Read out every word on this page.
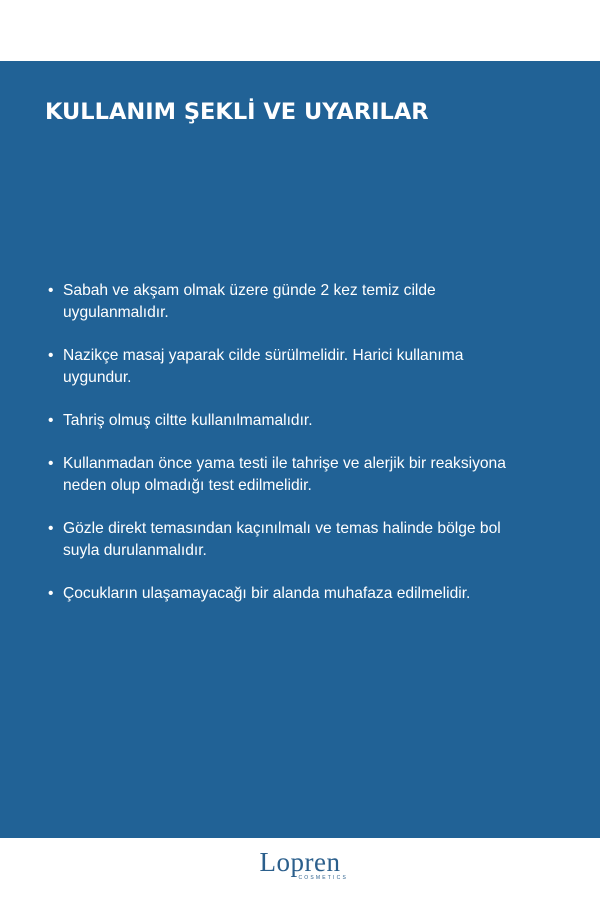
KULLANIM ŞEKLİ VE UYARILAR
• Sabah ve akşam olmak üzere günde 2 kez temiz cilde
uygulanmalıdır.
• Nazikçe masaj yaparak cilde sürülmelidir. Harici kullanıma
uygundur.
• Tahriş olmuş ciltte kullanılmamalıdır.
• Kullanmadan önce yama testi ile tahrişe ve alerjik bir reaksiyona
neden olup olmadığı test edilmelidir.
• Gözle direkt temasından kaçınılmalı ve temas halinde bölge bol
suyla durulanmalıdır.
• Çocukların ulaşamayacağı bir alanda muhafaza edilmelidir.
Lopren
COSMETICS
